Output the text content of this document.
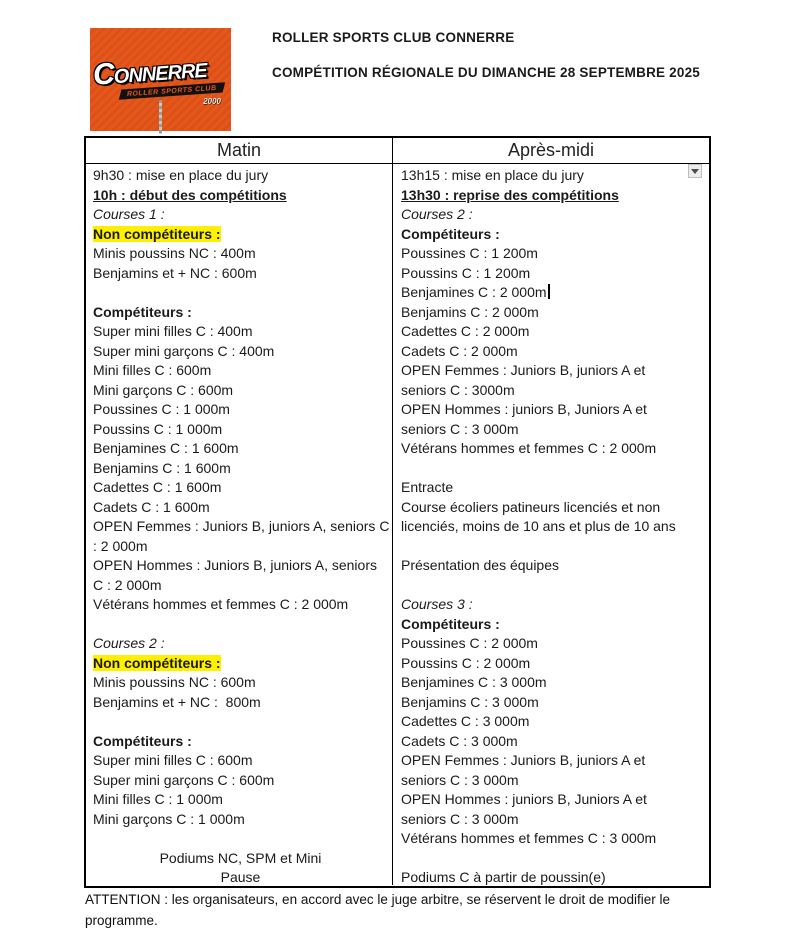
CONNERRE
ROLLER SPORTS CLUB
2000
ROLLER SPORTS CLUB CONNERRE
COMPÉTITION RÉGIONALE DU DIMANCHE 28 SEPTEMBRE 2025
Matin	Après-midi
9h30 : mise en place du jury
10h : début des compétitions
Courses 1 :
Non compétiteurs :
Minis poussins NC : 400m
Benjamins et + NC : 600m
Compétiteurs :
Super mini filles C : 400m
Super mini garçons C : 400m
Mini filles C : 600m
Mini garçons C : 600m
Poussines C : 1 000m
Poussins C : 1 000m
Benjamines C : 1 600m
Benjamins C : 1 600m
Cadettes C : 1 600m
Cadets C : 1 600m
OPEN Femmes : Juniors B, juniors A, seniors C
: 2 000m
OPEN Hommes : Juniors B, juniors A, seniors
C : 2 000m
Vétérans hommes et femmes C : 2 000m
Courses 2 :
Non compétiteurs :
Minis poussins NC : 600m
Benjamins et + NC :  800m
Compétiteurs :
Super mini filles C : 600m
Super mini garçons C : 600m
Mini filles C : 1 000m
Mini garçons C : 1 000m
Podiums NC, SPM et Mini
Pause
13h15 : mise en place du jury
13h30 : reprise des compétitions
Courses 2 :
Compétiteurs :
Poussines C : 1 200m
Poussins C : 1 200m
Benjamines C : 2 000m
Benjamins C : 2 000m
Cadettes C : 2 000m
Cadets C : 2 000m
OPEN Femmes : Juniors B, juniors A et
seniors C : 3000m
OPEN Hommes : juniors B, Juniors A et
seniors C : 3 000m
Vétérans hommes et femmes C : 2 000m
Entracte
Course écoliers patineurs licenciés et non
licenciés, moins de 10 ans et plus de 10 ans
Présentation des équipes
Courses 3 :
Compétiteurs :
Poussines C : 2 000m
Poussins C : 2 000m
Benjamines C : 3 000m
Benjamins C : 3 000m
Cadettes C : 3 000m
Cadets C : 3 000m
OPEN Femmes : Juniors B, juniors A et
seniors C : 3 000m
OPEN Hommes : juniors B, Juniors A et
seniors C : 3 000m
Vétérans hommes et femmes C : 3 000m
Podiums C à partir de poussin(e)
ATTENTION : les organisateurs, en accord avec le juge arbitre, se réservent le droit de modifier le programme.
